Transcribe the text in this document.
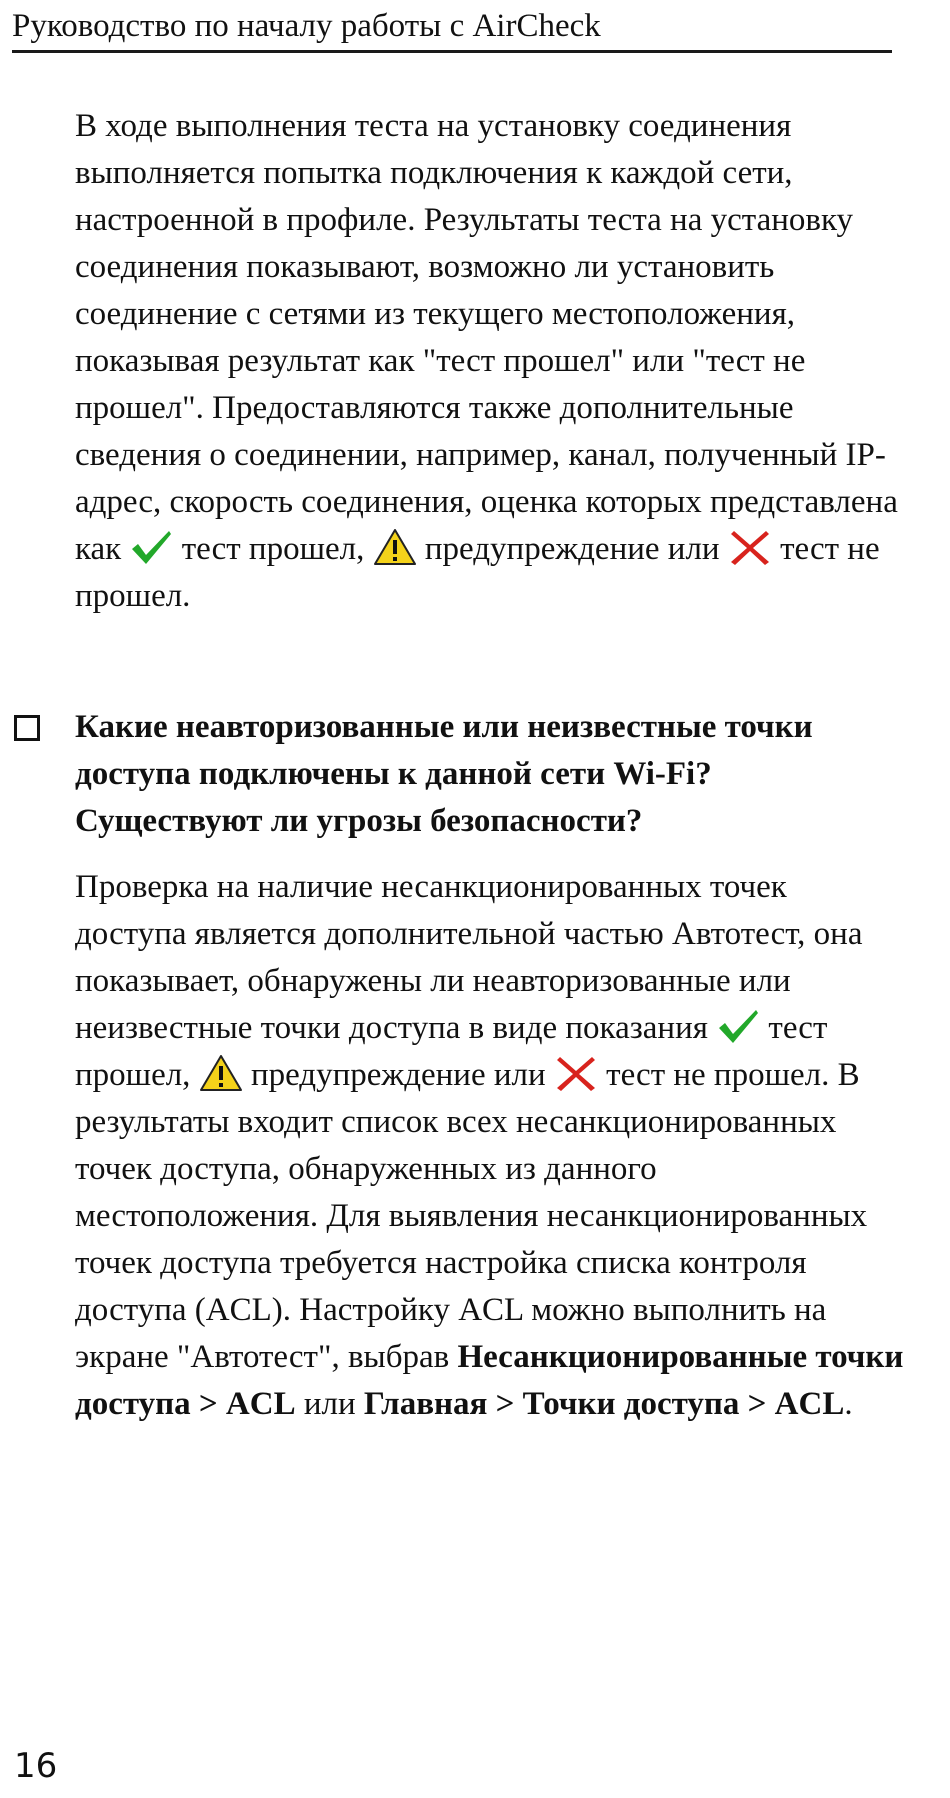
Руководство по началу работы с AirCheck

В ходе выполнения теста на установку соединения выполняется попытка подключения к каждой сети, настроенной в профиле. Результаты теста на установку соединения показывают, возможно ли установить соединение с сетями из текущего местоположения, показывая результат как "тест прошел" или "тест не прошел". Предоставляются также дополнительные сведения о соединении, например, канал, полученный IP-адрес, скорость соединения, оценка которых представлена как тест прошел, предупреждение или тест не прошел.

Какие неавторизованные или неизвестные точки доступа подключены к данной сети Wi-Fi? Существуют ли угрозы безопасности?

Проверка на наличие несанкционированных точек доступа является дополнительной частью Автотест, она показывает, обнаружены ли неавторизованные или неизвестные точки доступа в виде показания тест прошел, предупреждение или тест не прошел. В результаты входит список всех несанкционированных точек доступа, обнаруженных из данного местоположения. Для выявления несанкционированных точек доступа требуется настройка списка контроля доступа (ACL). Настройку ACL можно выполнить на экране "Автотест", выбрав Несанкционированные точки доступа > ACL или Главная > Точки доступа > ACL.

16
